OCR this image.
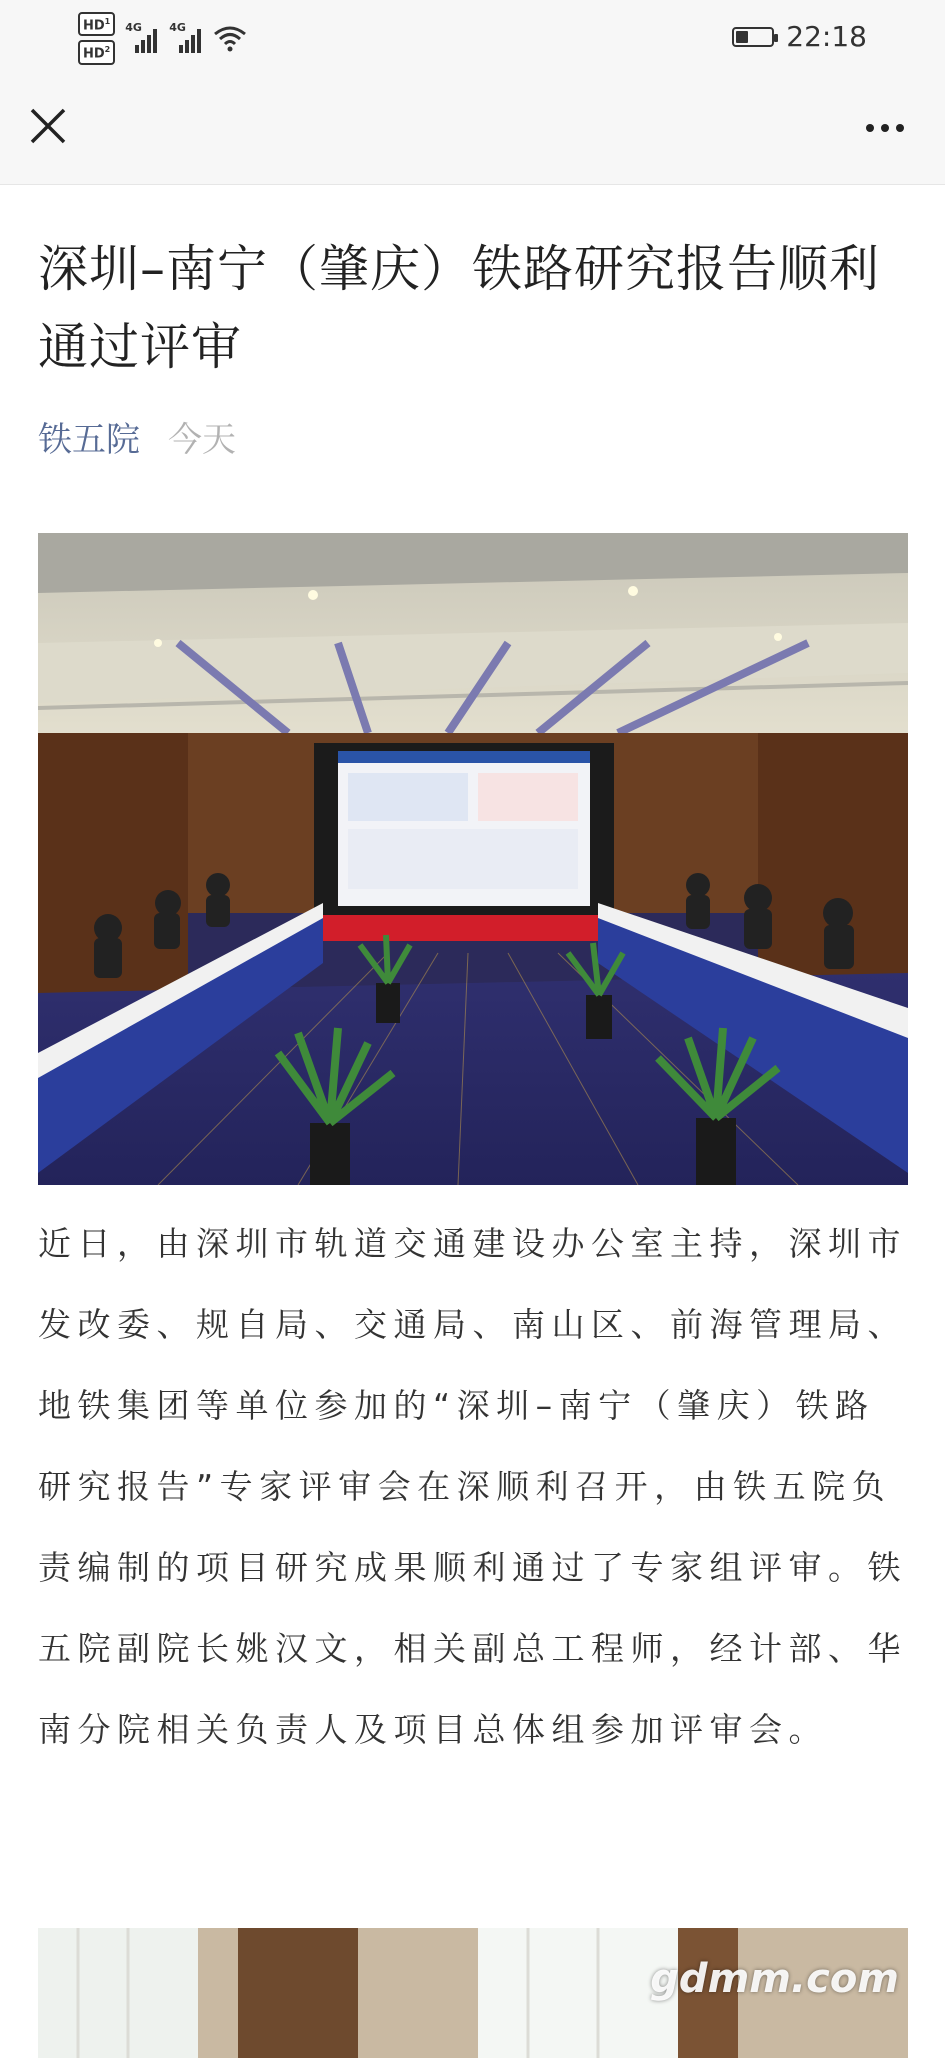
$HD^1$
$HD^2$
4G 4G	22:18
深圳–南宁（肇庆）铁路研究报告顺利通过评审
铁五院 今天

近日，由深圳市轨道交通建设办公室主持，深圳市发改委、规自局、交通局、南山区、前海管理局、地铁集团等单位参加的“深圳–南宁（肇庆）铁路研究报告”专家评审会在深顺利召开，由铁五院负责编制的项目研究成果顺利通过了专家组评审。铁五院副院长姚汉文，相关副总工程师，经计部、华南分院相关负责人及项目总体组参加评审会。

gdmm.com
